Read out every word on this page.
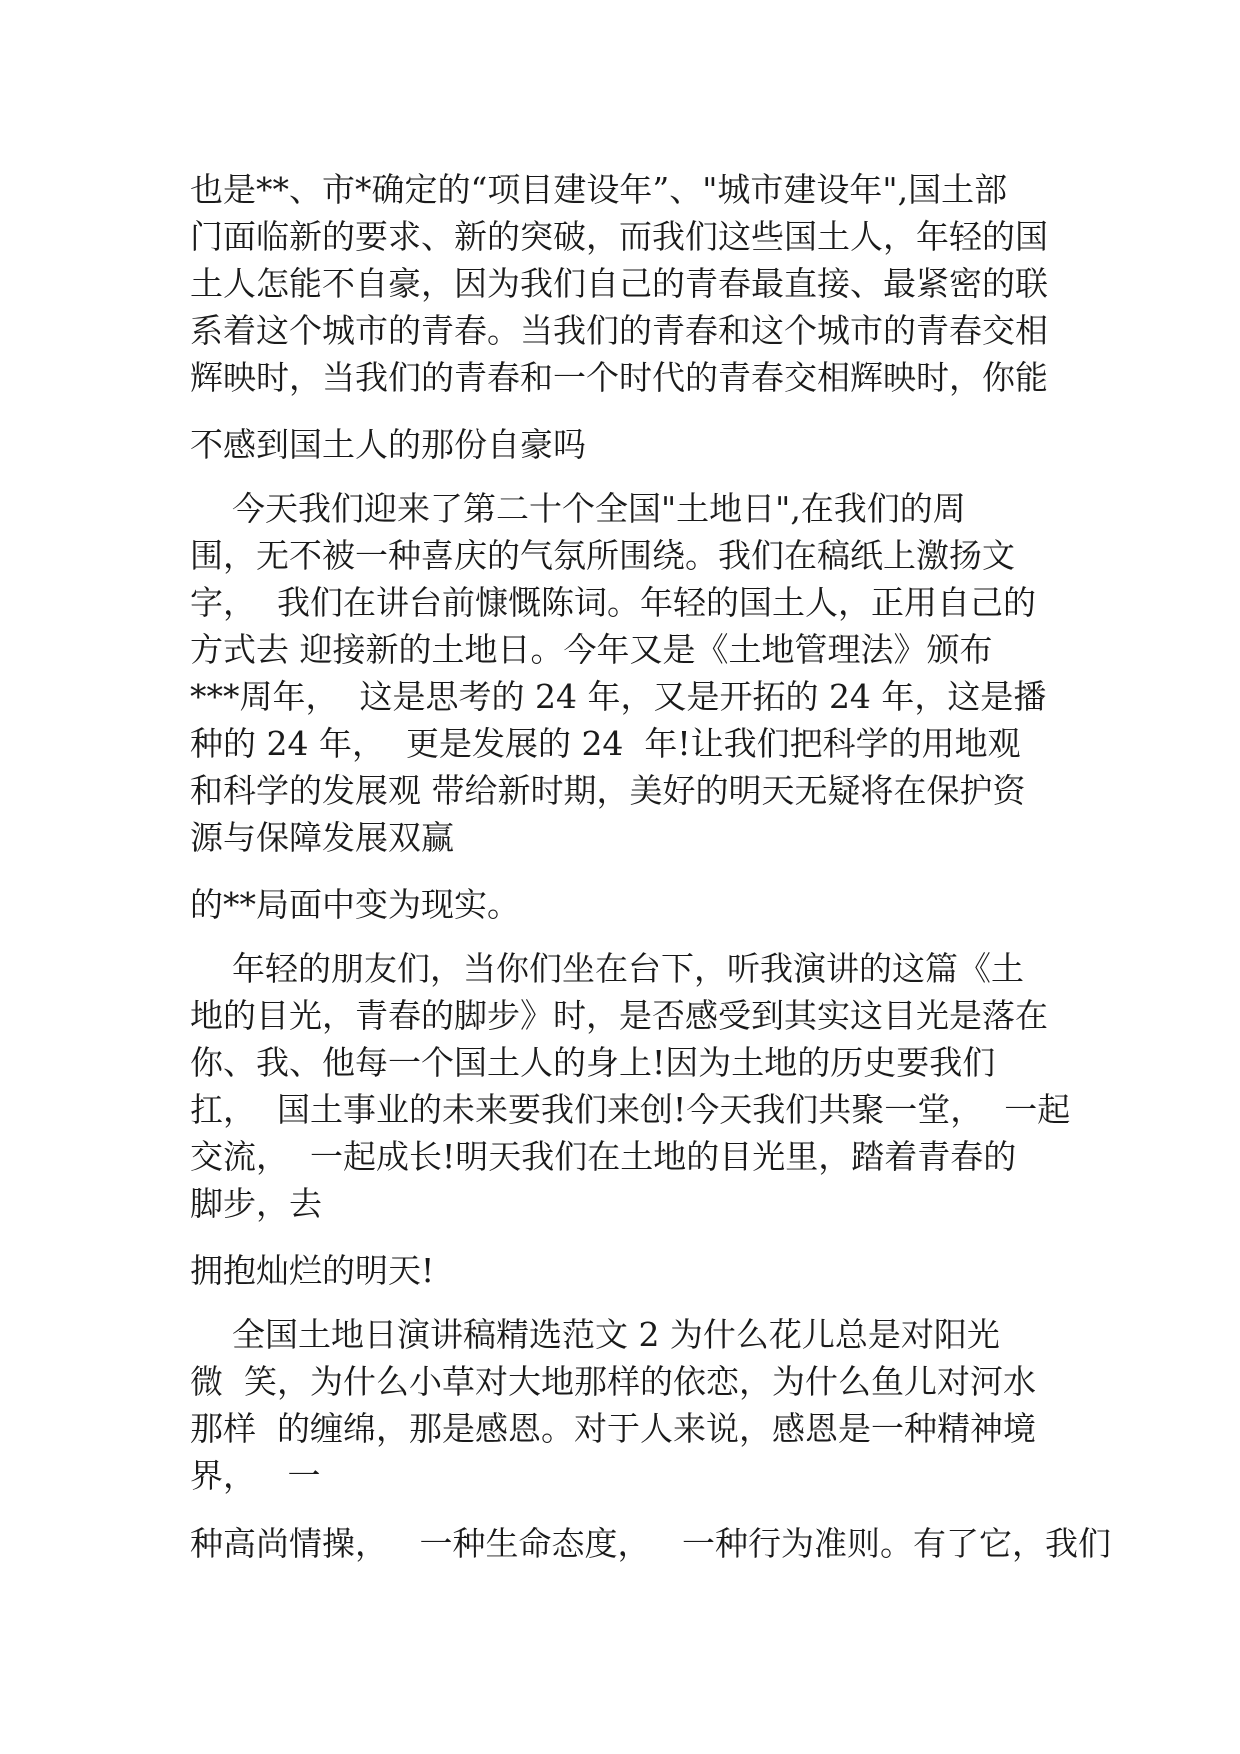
也是**、市*确定的“项目建设年”、"城市建设年",国土部

门面临新的要求、新的突破，而我们这些国土人，年轻的国

土人怎能不自豪，因为我们自己的青春最直接、最紧密的联

系着这个城市的青春。当我们的青春和这个城市的青春交相

辉映时，当我们的青春和一个时代的青春交相辉映时，你能

不感到国土人的那份自豪吗

今天我们迎来了第二十个全国"土地日",在我们的周

围，无不被一种喜庆的气氛所围绕。我们在稿纸上激扬文

字，  我们在讲台前慷慨陈词。年轻的国土人，正用自己的

方式去 迎接新的土地日。今年又是《土地管理法》颁布

***周年，  这是思考的 24 年，又是开拓的 24 年，这是播

种的 24 年，  更是发展的 24  年!让我们把科学的用地观

和科学的发展观 带给新时期，美好的明天无疑将在保护资

源与保障发展双赢

的**局面中变为现实。

年轻的朋友们，当你们坐在台下，听我演讲的这篇《土

地的目光，青春的脚步》时，是否感受到其实这目光是落在

你、我、他每一个国土人的身上!因为土地的历史要我们

扛，  国土事业的未来要我们来创!今天我们共聚一堂，  一起

交流，  一起成长!明天我们在土地的目光里，踏着青春的

脚步，去

拥抱灿烂的明天!

全国土地日演讲稿精选范文 2 为什么花儿总是对阳光

微  笑，为什么小草对大地那样的依恋，为什么鱼儿对河水

那样  的缠绵，那是感恩。对于人来说，感恩是一种精神境

界，   一

种高尚情操，   一种生命态度，   一种行为准则。有了它，我们
